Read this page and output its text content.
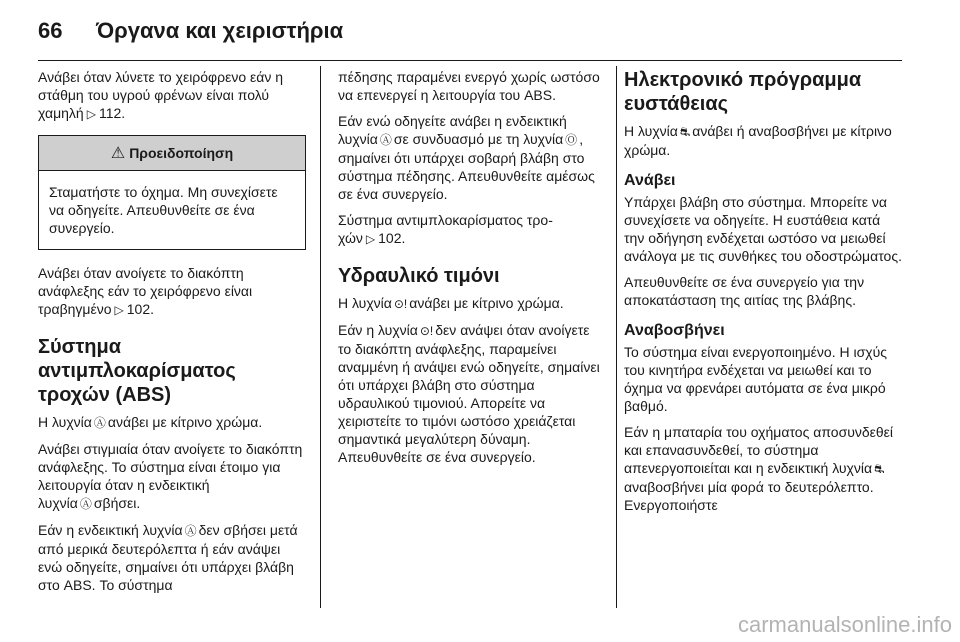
66	Όργανα και χειριστήρια

Ανάβει όταν λύνετε το χειρόφρενο εάν η στάθμη του υγρού φρένων είναι πολύ χαμηλή ▷ 112.

⚠ Προειδοποίηση

Σταματήστε το όχημα. Μη συνεχίσετε να οδηγείτε. Απευθυνθείτε σε ένα συνεργείο.

Ανάβει όταν ανοίγετε το διακόπτη ανάφλεξης εάν το χειρόφρενο είναι τραβηγμένο ▷ 102.

Σύστημα αντιμπλοκαρίσματος τροχών (ABS)

Η λυχνία Ⓐ ανάβει με κίτρινο χρώμα.

Ανάβει στιγμιαία όταν ανοίγετε το διακόπτη ανάφλεξης. Το σύστημα είναι έτοιμο για λειτουργία όταν η ενδεικτική λυχνία Ⓐ σβήσει.

Εάν η ενδεικτική λυχνία Ⓐ δεν σβήσει μετά από μερικά δευτερόλεπτα ή εάν ανάψει ενώ οδηγείτε, σημαίνει ότι υπάρχει βλάβη στο ABS. Το σύστημα

πέδησης παραμένει ενεργό χωρίς ωστόσο να επενεργεί η λειτουργία του ABS.

Εάν ενώ οδηγείτε ανάβει η ενδεικτική λυχνία Ⓐ σε συνδυασμό με τη λυχνία Ⓞ , σημαίνει ότι υπάρχει σοβαρή βλάβη στο σύστημα πέδησης. Απευθυνθείτε αμέσως σε ένα συνεργείο.

Σύστημα αντιμπλοκαρίσματος τροχών ▷ 102.

Υδραυλικό τιμόνι

Η λυχνία ⊙! ανάβει με κίτρινο χρώμα.

Εάν η λυχνία ⊙! δεν ανάψει όταν ανοίγετε το διακόπτη ανάφλεξης, παραμείνει αναμμένη ή ανάψει ενώ οδηγείτε, σημαίνει ότι υπάρχει βλάβη στο σύστημα υδραυλικού τιμονιού. Απορείτε να χειριστείτε το τιμόνι ωστόσο χρειάζεται σημαντικά μεγαλύτερη δύναμη. Απευθυνθείτε σε ένα συνεργείο.

Ηλεκτρονικό πρόγραμμα ευστάθειας

Η λυχνία ⛐ ανάβει ή αναβοσβήνει με κίτρινο χρώμα.

Ανάβει

Υπάρχει βλάβη στο σύστημα. Μπορείτε να συνεχίσετε να οδηγείτε. Η ευστάθεια κατά την οδήγηση ενδέχεται ωστόσο να μειωθεί ανάλογα με τις συνθήκες του οδοστρώματος.

Απευθυνθείτε σε ένα συνεργείο για την αποκατάσταση της αιτίας της βλάβης.

Αναβοσβήνει

Το σύστημα είναι ενεργοποιημένο. Η ισχύς του κινητήρα ενδέχεται να μειωθεί και το όχημα να φρενάρει αυτόματα σε ένα μικρό βαθμό.

Εάν η μπαταρία του οχήματος αποσυνδεθεί και επανασυνδεθεί, το σύστημα απενεργοποιείται και η ενδεικτική λυχνία ⛐αναβοσβήνει μία φορά το δευτερόλεπτο. Ενεργοποιήστε

carmanualsonline.info
